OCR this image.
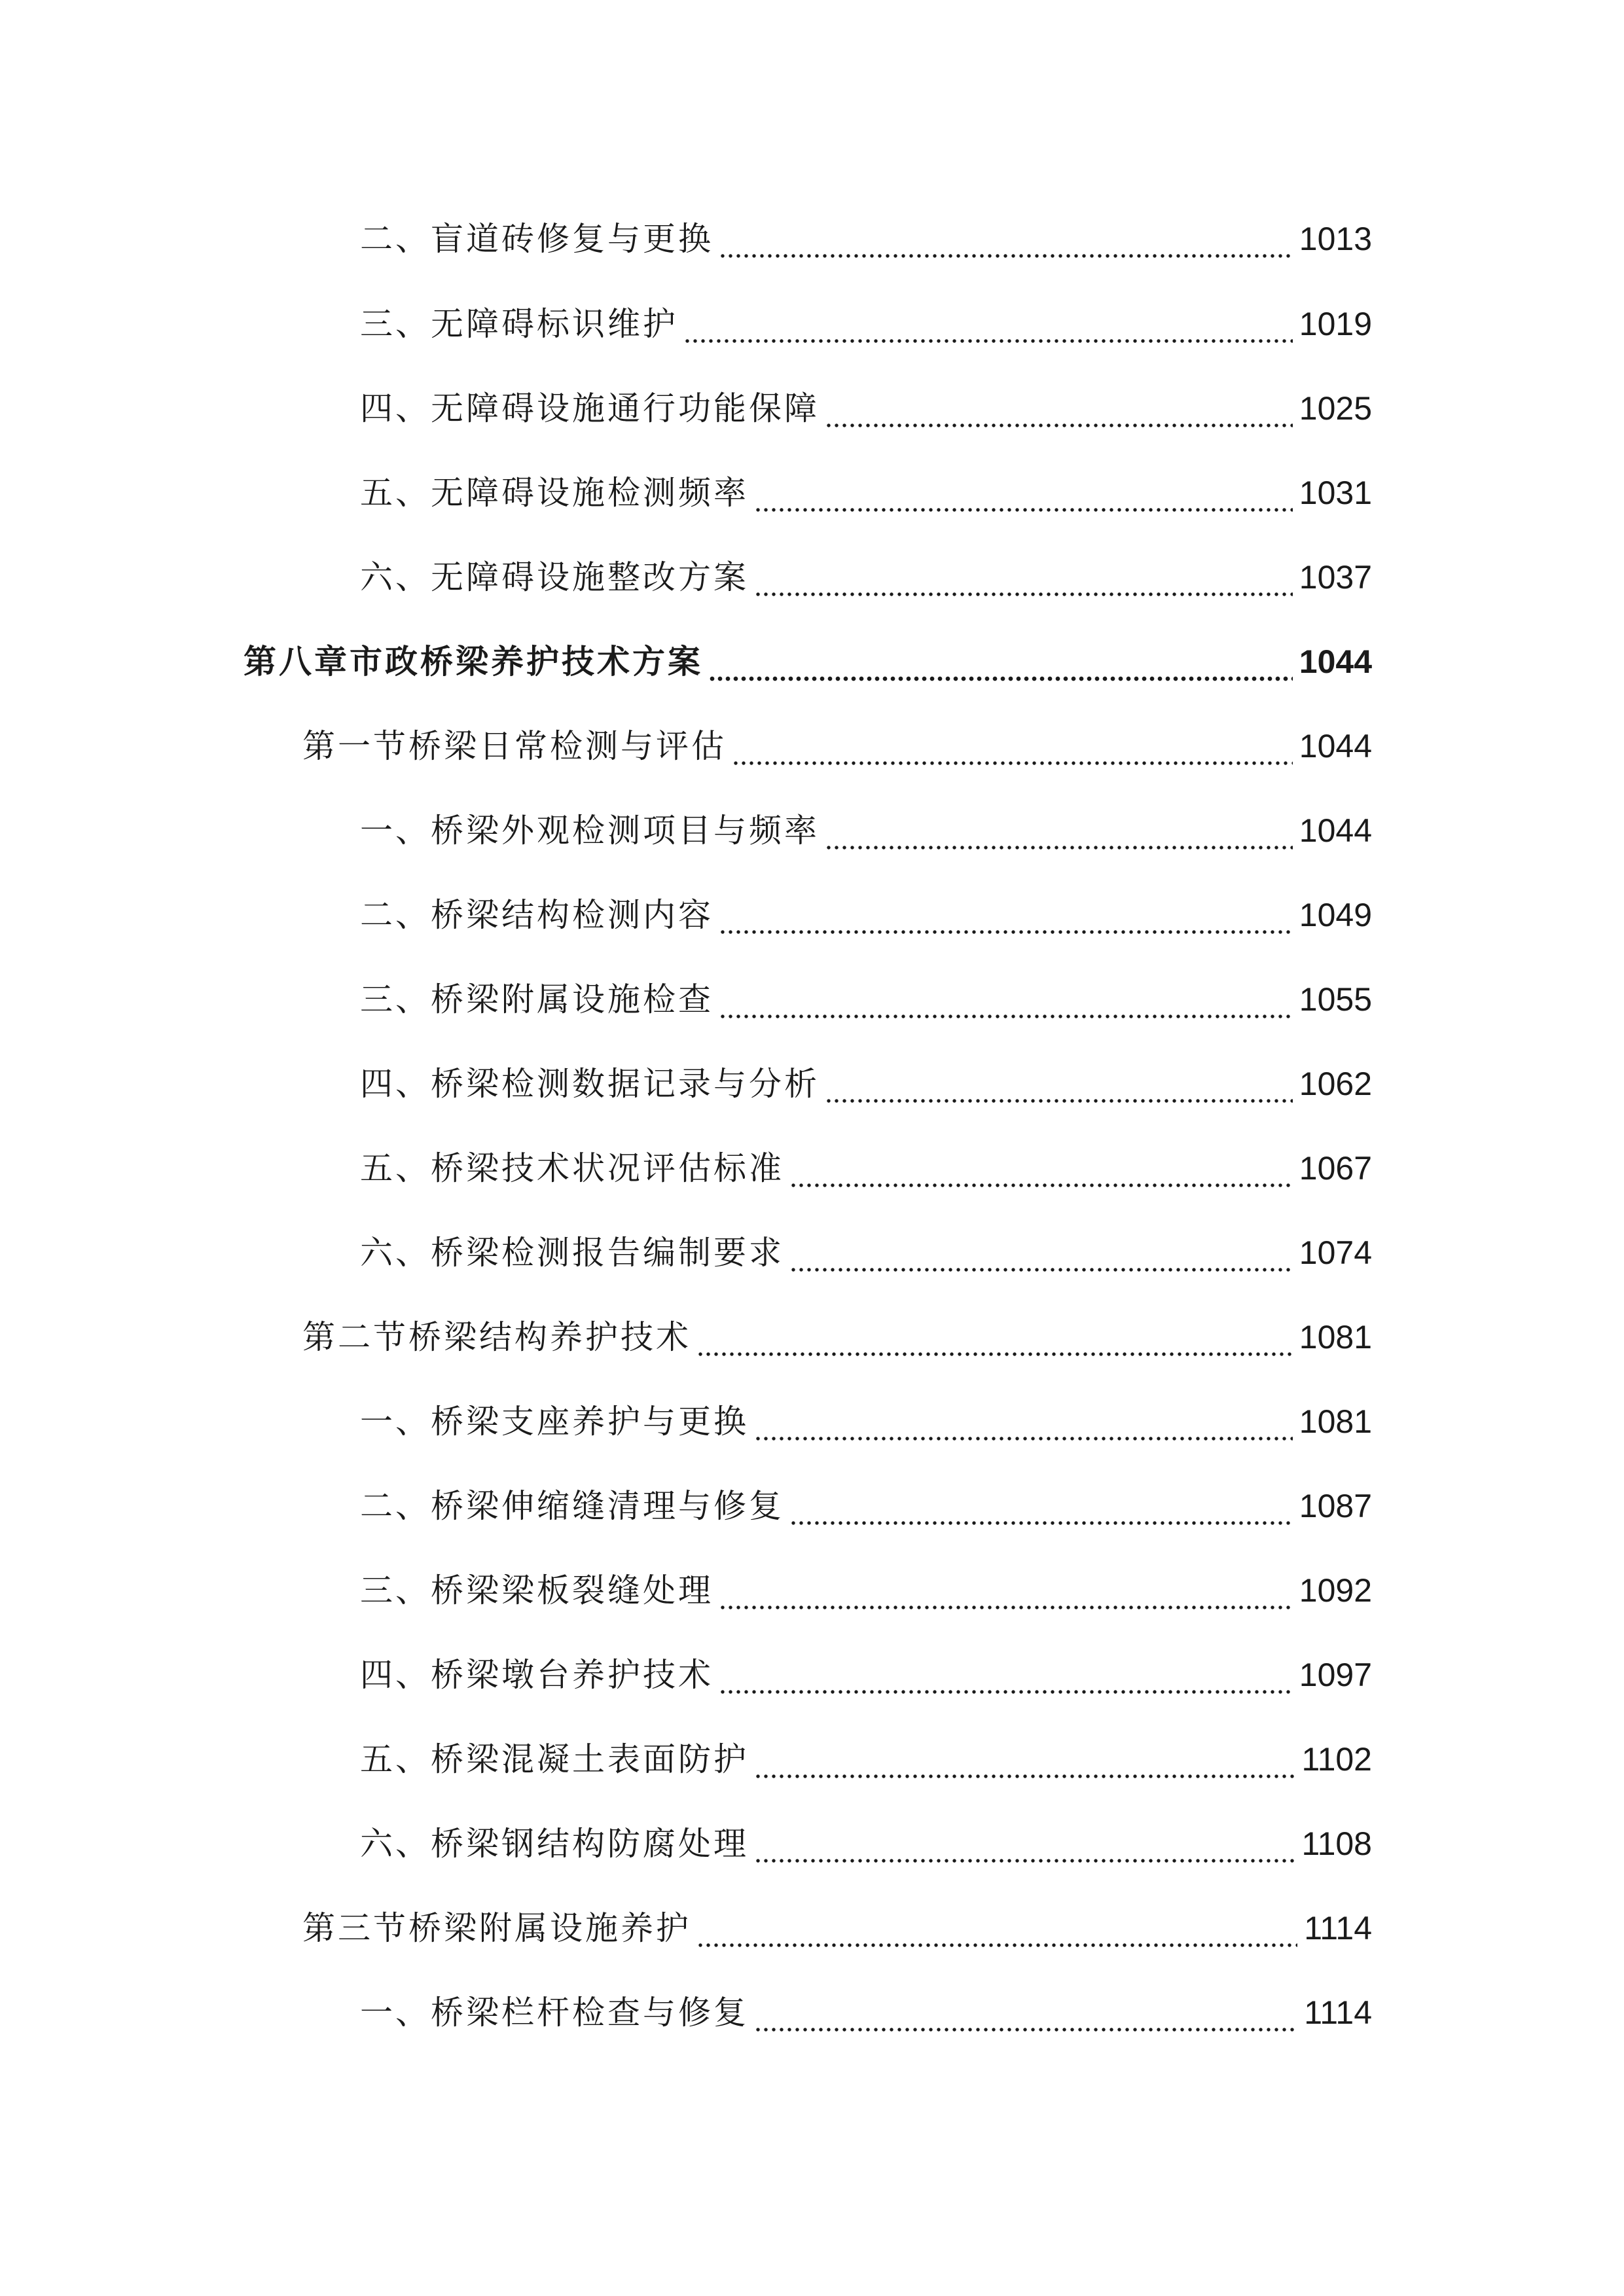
二、盲道砖修复与更换	1013
三、无障碍标识维护	1019
四、无障碍设施通行功能保障	1025
五、无障碍设施检测频率	1031
六、无障碍设施整改方案	1037
第八章市政桥梁养护技术方案	1044
第一节桥梁日常检测与评估	1044
一、桥梁外观检测项目与频率	1044
二、桥梁结构检测内容	1049
三、桥梁附属设施检查	1055
四、桥梁检测数据记录与分析	1062
五、桥梁技术状况评估标准	1067
六、桥梁检测报告编制要求	1074
第二节桥梁结构养护技术	1081
一、桥梁支座养护与更换	1081
二、桥梁伸缩缝清理与修复	1087
三、桥梁梁板裂缝处理	1092
四、桥梁墩台养护技术	1097
五、桥梁混凝土表面防护	1102
六、桥梁钢结构防腐处理	1108
第三节桥梁附属设施养护	1114
一、桥梁栏杆检查与修复	1114
